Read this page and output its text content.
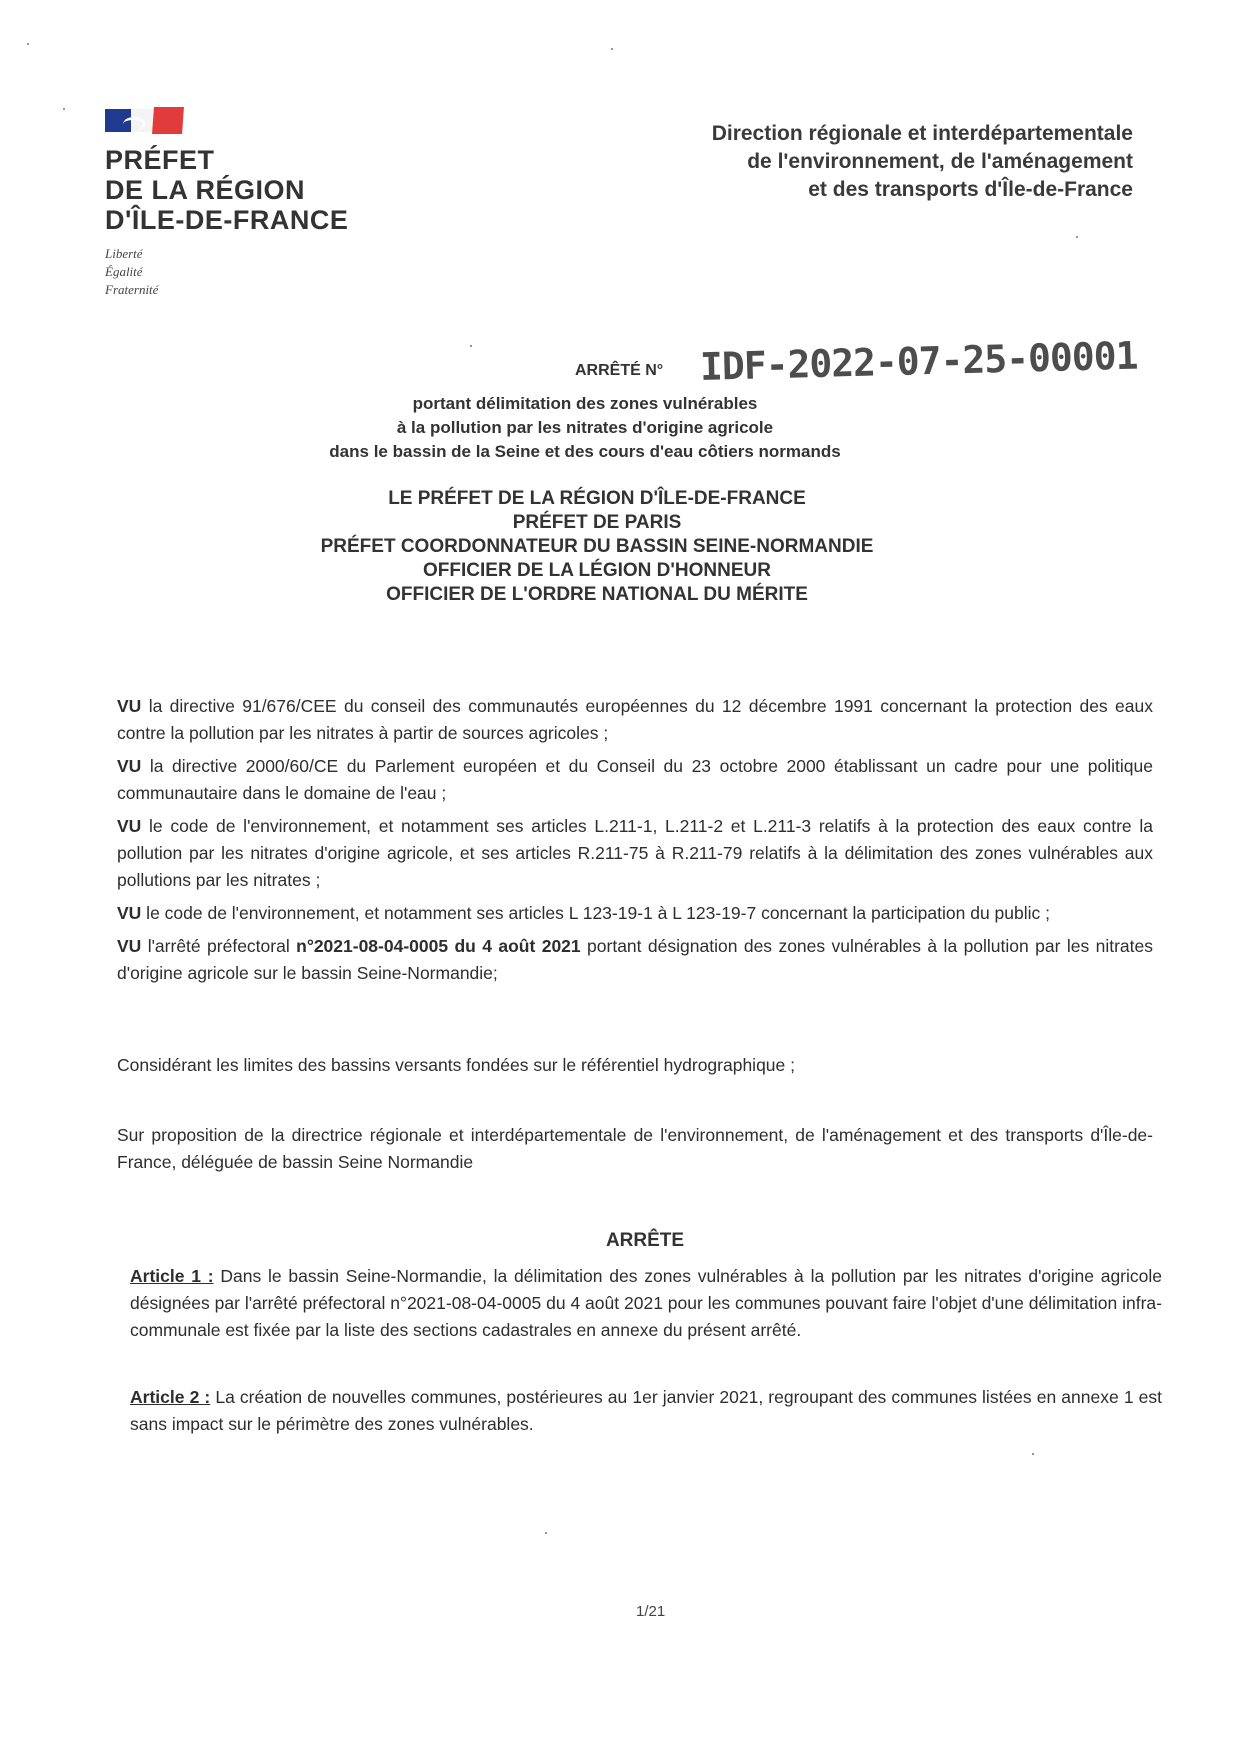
PRÉFET
DE LA RÉGION
D'ÎLE-DE-FRANCE
Liberté
Égalité
Fraternité
Direction régionale et interdépartementale
de l'environnement, de l'aménagement
et des transports d'Île-de-France
ARRÊTÉ N° IDF-2022-07-25-00001
portant délimitation des zones vulnérables
à la pollution par les nitrates d'origine agricole
dans le bassin de la Seine et des cours d'eau côtiers normands
LE PRÉFET DE LA RÉGION D'ÎLE-DE-FRANCE
PRÉFET DE PARIS
PRÉFET COORDONNATEUR DU BASSIN SEINE-NORMANDIE
OFFICIER DE LA LÉGION D'HONNEUR
OFFICIER DE L'ORDRE NATIONAL DU MÉRITE
VU la directive 91/676/CEE du conseil des communautés européennes du 12 décembre 1991 concernant la protection des eaux contre la pollution par les nitrates à partir de sources agricoles ;
VU la directive 2000/60/CE du Parlement européen et du Conseil du 23 octobre 2000 établissant un cadre pour une politique communautaire dans le domaine de l'eau ;
VU le code de l'environnement, et notamment ses articles L.211-1, L.211-2 et L.211-3 relatifs à la protection des eaux contre la pollution par les nitrates d'origine agricole, et ses articles R.211-75 à R.211-79 relatifs à la délimitation des zones vulnérables aux pollutions par les nitrates ;
VU le code de l'environnement, et notamment ses articles L 123-19-1 à L 123-19-7 concernant la participation du public ;
VU l'arrêté préfectoral n°2021-08-04-0005 du 4 août 2021 portant désignation des zones vulnérables à la pollution par les nitrates d'origine agricole sur le bassin Seine-Normandie;
Considérant les limites des bassins versants fondées sur le référentiel hydrographique ;
Sur proposition de la directrice régionale et interdépartementale de l'environnement, de l'aménagement et des transports d'Île-de-France, déléguée de bassin Seine Normandie
ARRÊTE
Article 1 : Dans le bassin Seine-Normandie, la délimitation des zones vulnérables à la pollution par les nitrates d'origine agricole désignées par l'arrêté préfectoral n°2021-08-04-0005 du 4 août 2021 pour les communes pouvant faire l'objet d'une délimitation infra-communale est fixée par la liste des sections cadastrales en annexe du présent arrêté.
Article 2 : La création de nouvelles communes, postérieures au 1er janvier 2021, regroupant des communes listées en annexe 1 est sans impact sur le périmètre des zones vulnérables.
1/21
